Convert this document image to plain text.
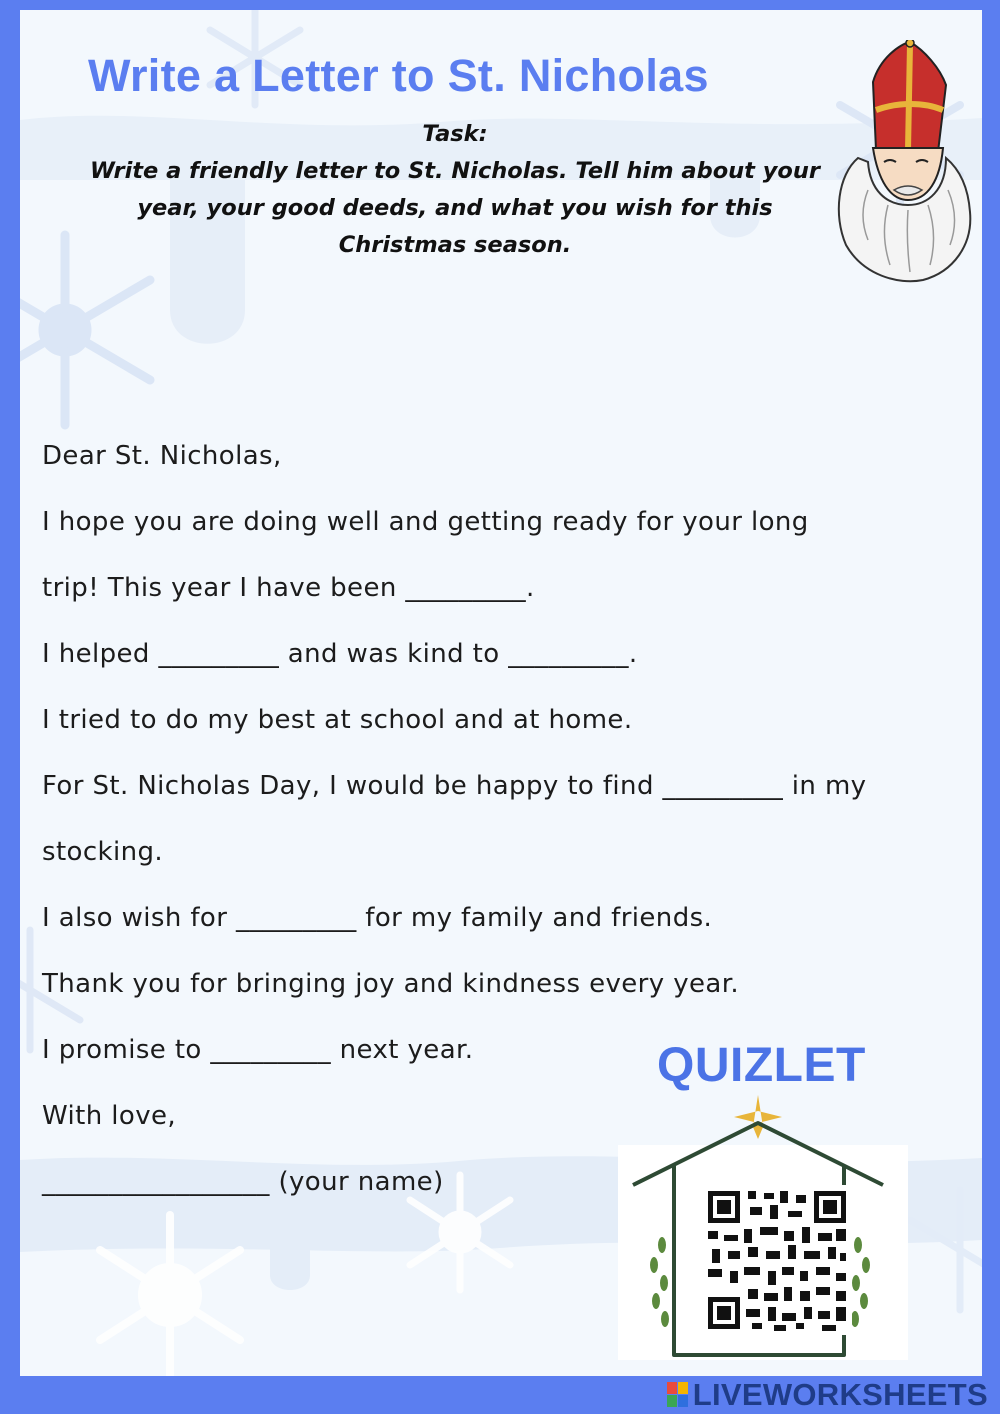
Write a Letter to St. Nicholas
Task:
Write a friendly letter to St. Nicholas. Tell him about your
year, your good deeds, and what you wish for this
Christmas season.
Dear St. Nicholas,
I hope you are doing well and getting ready for your long
trip! This year I have been _________.
I helped _________ and was kind to _________.
I tried to do my best at school and at home.
For St. Nicholas Day, I would be happy to find _________ in my
stocking.
I also wish for _________ for my family and friends.
Thank you for bringing joy and kindness every year.
I promise to _________ next year.
With love,
_________________ (your name)
QUIZLET
LIVEWORKSHEETS
